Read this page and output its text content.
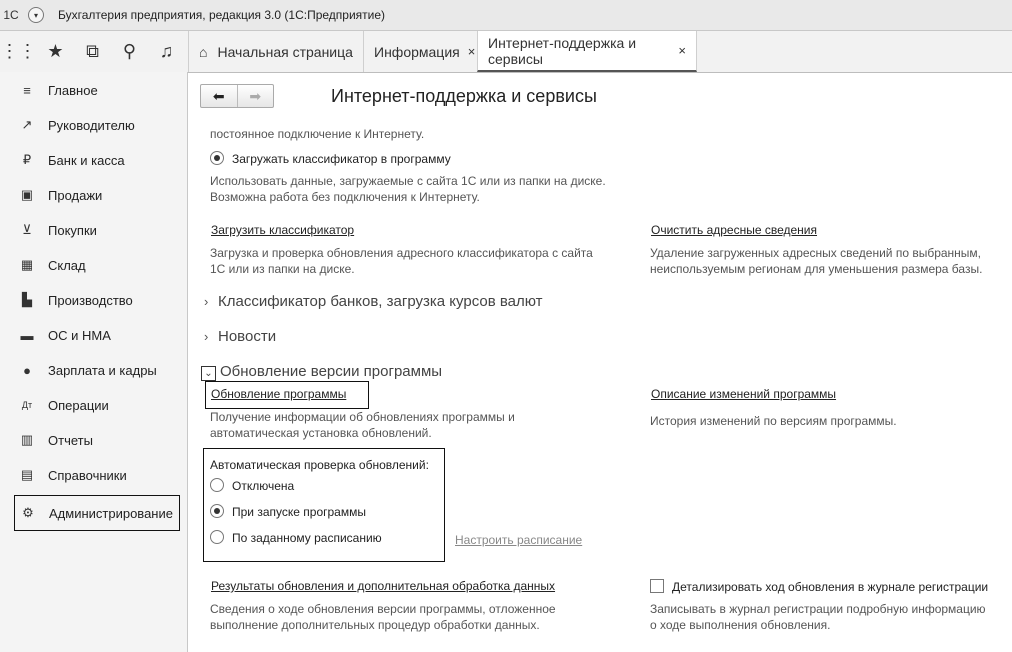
1С	▾	Бухгалтерия предприятия, редакция 3.0 (1С:Предприятие)
⋮⋮ ★	⧉	⚲	♫	⌂ Начальная страница Информация ×
Интернет-поддержка и сервисы	×
≡	Главное
↗	Руководителю
₽	Банк и касса
▣	Продажи
⊻	Покупки
▦	Склад
▙	Производство
▬	ОС и НМА
●	Зарплата и кадры
Дт	Операции
▥	Отчеты
▤	Справочники
⚙	Администрирование
⬅	➡	Интернет-поддержка и сервисы
постоянное подключение к Интернету.
Загружать классификатор в программу
Использовать данные, загружаемые с сайта 1С или из папки на диске.
Возможна работа без подключения к Интернету.
Загрузить классификатор
Загрузка и проверка обновления адресного классификатора с сайта
1С или из папки на диске.
Очистить адресные сведения
Удаление загруженных адресных сведений по выбранным,
неиспользуемым регионам для уменьшения размера базы.
› Классификатор банков, загрузка курсов валют
› Новости
⌄ Обновление версии программы
Обновление программы
Получение информации об обновлениях программы и
автоматическая установка обновлений.
Описание изменений программы
История изменений по версиям программы.
Автоматическая проверка обновлений:
Отключена
При запуске программы
По заданному расписанию	Настроить расписание
Результаты обновления и дополнительная обработка данных
Сведения о ходе обновления версии программы, отложенное
выполнение дополнительных процедур обработки данных.
Детализировать ход обновления в журнале регистрации
Записывать в журнал регистрации подробную информацию
о ходе выполнения обновления.
